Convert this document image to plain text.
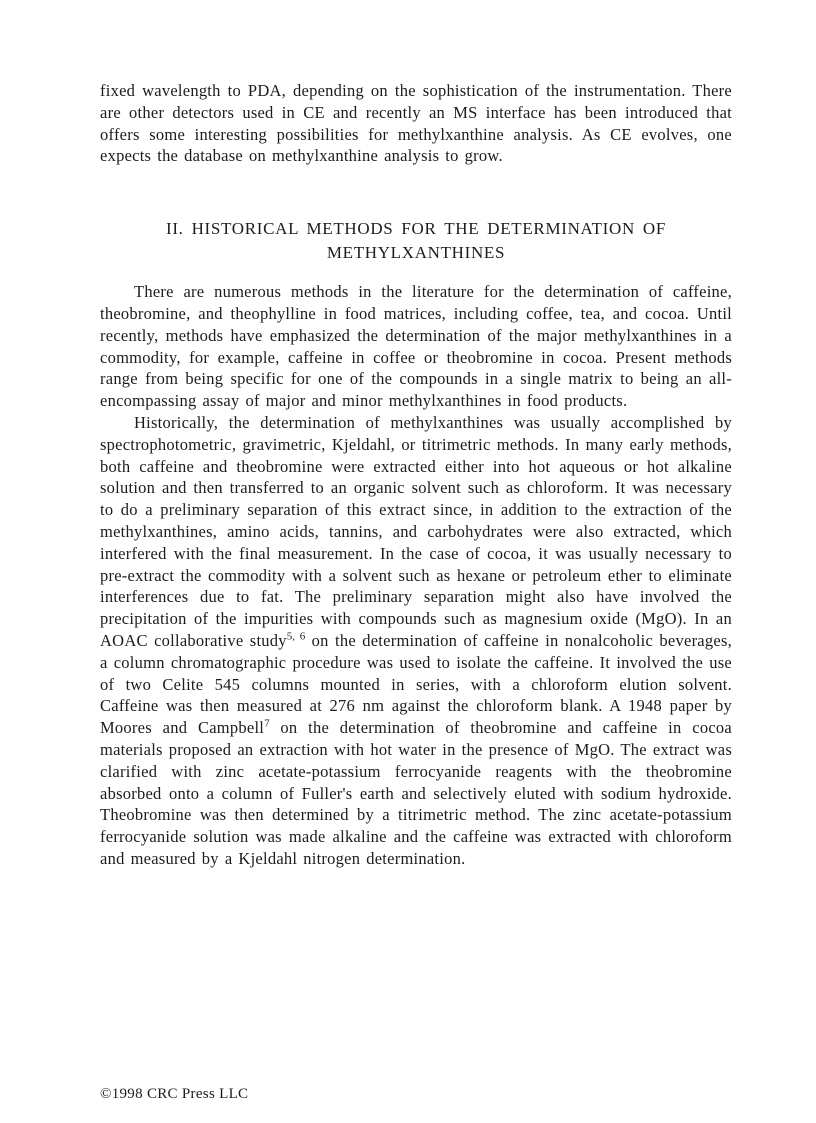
fixed wavelength to PDA, depending on the sophistication of the instrumentation. There are other detectors used in CE and recently an MS interface has been introduced that offers some interesting possibilities for methylxanthine analysis. As CE evolves, one expects the database on methylxanthine analysis to grow.

II. HISTORICAL METHODS FOR THE DETERMINATION OF METHYLXANTHINES

There are numerous methods in the literature for the determination of caffeine, theobromine, and theophylline in food matrices, including coffee, tea, and cocoa. Until recently, methods have emphasized the determination of the major methylxanthines in a commodity, for example, caffeine in coffee or theobromine in cocoa. Present methods range from being specific for one of the compounds in a single matrix to being an all-encompassing assay of major and minor methylxanthines in food products.

Historically, the determination of methylxanthines was usually accomplished by spectrophotometric, gravimetric, Kjeldahl, or titrimetric methods. In many early methods, both caffeine and theobromine were extracted either into hot aqueous or hot alkaline solution and then transferred to an organic solvent such as chloroform. It was necessary to do a preliminary separation of this extract since, in addition to the extraction of the methylxanthines, amino acids, tannins, and carbohydrates were also extracted, which interfered with the final measurement. In the case of cocoa, it was usually necessary to pre-extract the commodity with a solvent such as hexane or petroleum ether to eliminate interferences due to fat. The preliminary separation might also have involved the precipitation of the impurities with compounds such as magnesium oxide (MgO). In an AOAC collaborative study$^{5, 6}$ on the determination of caffeine in nonalcoholic beverages, a column chromatographic procedure was used to isolate the caffeine. It involved the use of two Celite 545 columns mounted in series, with a chloroform elution solvent. Caffeine was then measured at 276 nm against the chloroform blank. A 1948 paper by Moores and Campbell$^7$ on the determination of theobromine and caffeine in cocoa materials proposed an extraction with hot water in the presence of MgO. The extract was clarified with zinc acetate-potassium ferrocyanide reagents with the theobromine absorbed onto a column of Fuller's earth and selectively eluted with sodium hydroxide. Theobromine was then determined by a titrimetric method. The zinc acetate-potassium ferrocyanide solution was made alkaline and the caffeine was extracted with chloroform and measured by a Kjeldahl nitrogen determination.

©1998 CRC Press LLC
